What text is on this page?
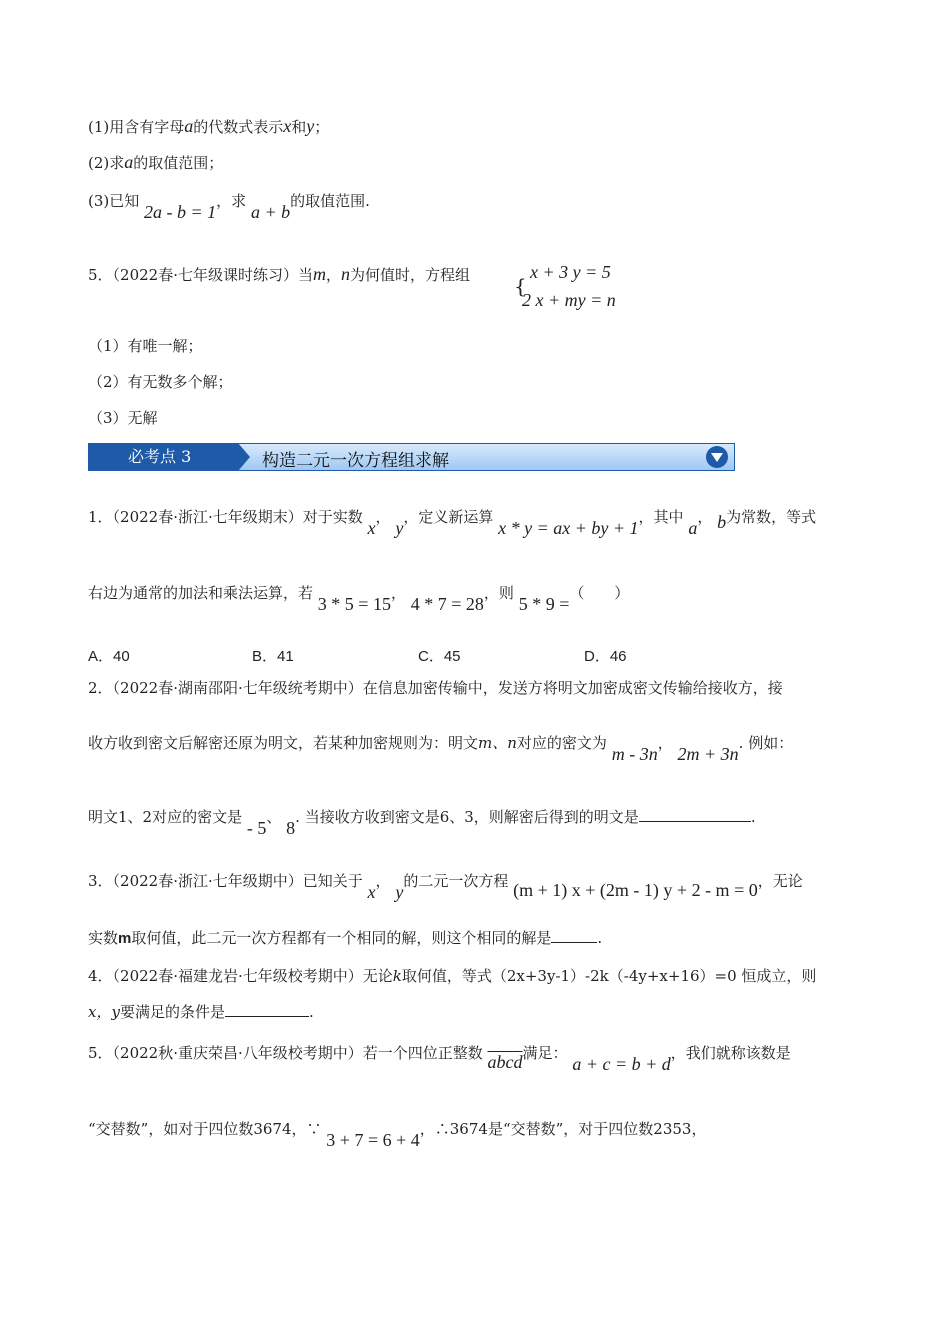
(1)用含有字母a的代数式表示x和y；
(2)求a的取值范围；
(3)已知 2a - b = 1，求 a + b的取值范围.
5．（2022春·七年级课时练习）当m，n为何值时，方程组 {
x + 3 y = 5
2 x + my = n
（1）有唯一解；
（2）有无数多个解；
（3）无解
构造二元一次方程组求解
必考点 3
1．（2022春·浙江·七年级期末）对于实数 x， y，定义新运算 x * y = ax + by + 1，其中 a， b为常数，等式
右边为通常的加法和乘法运算，若 3 * 5 = 15， 4 * 7 = 28，则 5 * 9 =（　　）
A．40	B．41	C．45	D．46
2．（2022春·湖南邵阳·七年级统考期中）在信息加密传输中，发送方将明文加密成密文传输给接收方，接
收方收到密文后解密还原为明文，若某种加密规则为：明文m、n对应的密文为 m - 3n， 2m + 3n. 例如：
明文1、2对应的密文是 - 5、 8. 当接收方收到密文是6、3，则解密后得到的明文是	.
3．（2022春·浙江·七年级期中）已知关于 x， y的二元一次方程 (m + 1) x + (2m - 1) y + 2 - m = 0，无论
实数m取何值，此二元一次方程都有一个相同的解，则这个相同的解是	.
4．（2022春·福建龙岩·七年级校考期中）无论k取何值，等式（2x+3y-1）-2k（-4y+x+16）=0 恒成立，则
x，y要满足的条件是	.
5．（2022秋·重庆荣昌·八年级校考期中）若一个四位正整数 abcd满足： a + c = b + d，我们就称该数是
“交替数”，如对于四位数3674，∵ 3 + 7 = 6 + 4，∴3674是“交替数”，对于四位数2353，
